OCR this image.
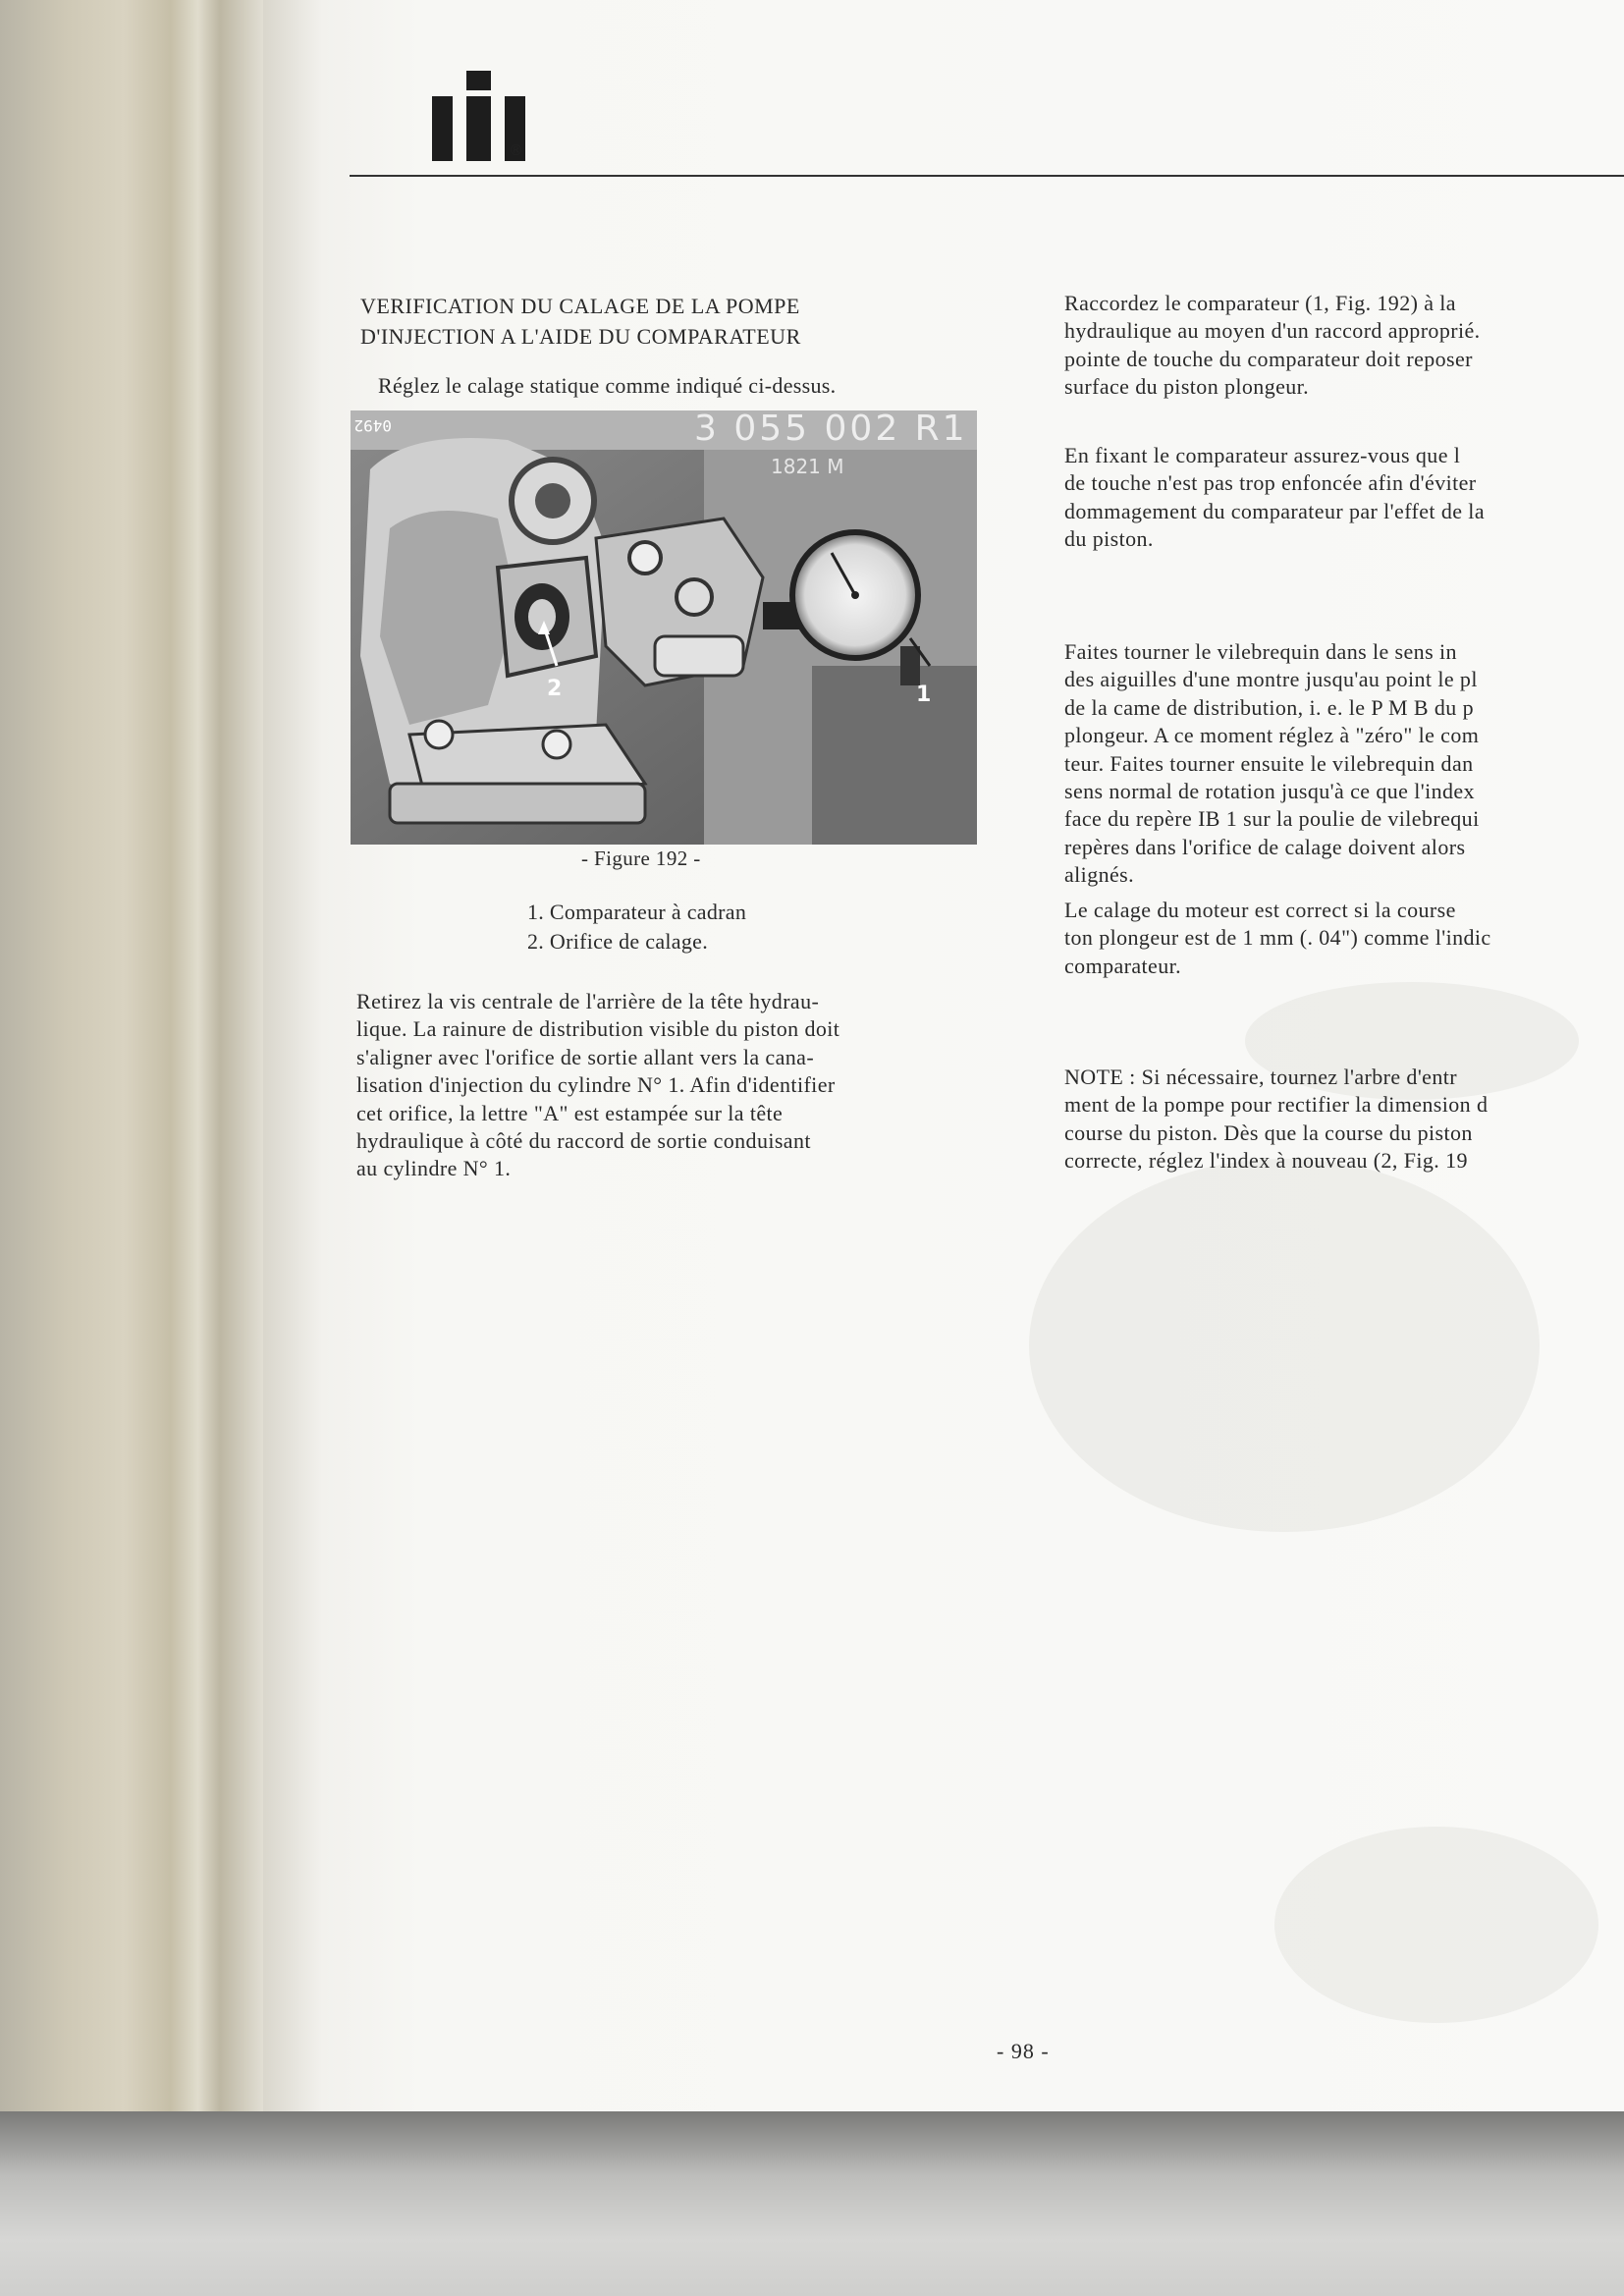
®
VERIFICATION DU CALAGE DE LA POMPE
D'INJECTION A L'AIDE DU COMPARATEUR
Réglez le calage statique comme indiqué ci-dessus.
0492	3 055 002 R1
1821 M
2	1
- Figure 192 -
1. Comparateur à cadran
2. Orifice de calage.

Retirez la vis centrale de l'arrière de la tête hydrau-
lique. La rainure de distribution visible du piston doit
s'aligner avec l'orifice de sortie allant vers la cana-
lisation d'injection du cylindre N° 1. Afin d'identifier
cet orifice, la lettre "A" est estampée sur la tête
hydraulique à côté du raccord de sortie conduisant
au cylindre N° 1.

Raccordez le comparateur (1, Fig. 192) à la
hydraulique au moyen d'un raccord approprié.
pointe de touche du comparateur doit reposer
surface du piston plongeur.

En fixant le comparateur assurez-vous que l
de touche n'est pas trop enfoncée afin d'éviter
dommagement du comparateur par l'effet de la
du piston.

Faites tourner le vilebrequin dans le sens in
des aiguilles d'une montre jusqu'au point le pl
de la came de distribution, i. e. le P M B du p
plongeur. A ce moment réglez à "zéro" le com
teur. Faites tourner ensuite le vilebrequin dan
sens normal de rotation jusqu'à ce que l'index
face du repère IB 1 sur la poulie de vilebrequi
repères dans l'orifice de calage doivent alors
alignés.

Le calage du moteur est correct si la course
ton plongeur est de 1 mm (. 04") comme l'indic
comparateur.

NOTE : Si nécessaire, tournez l'arbre d'entr
ment de la pompe pour rectifier la dimension d
course du piston. Dès que la course du piston
correcte, réglez l'index à nouveau (2, Fig. 19

- 98 -
